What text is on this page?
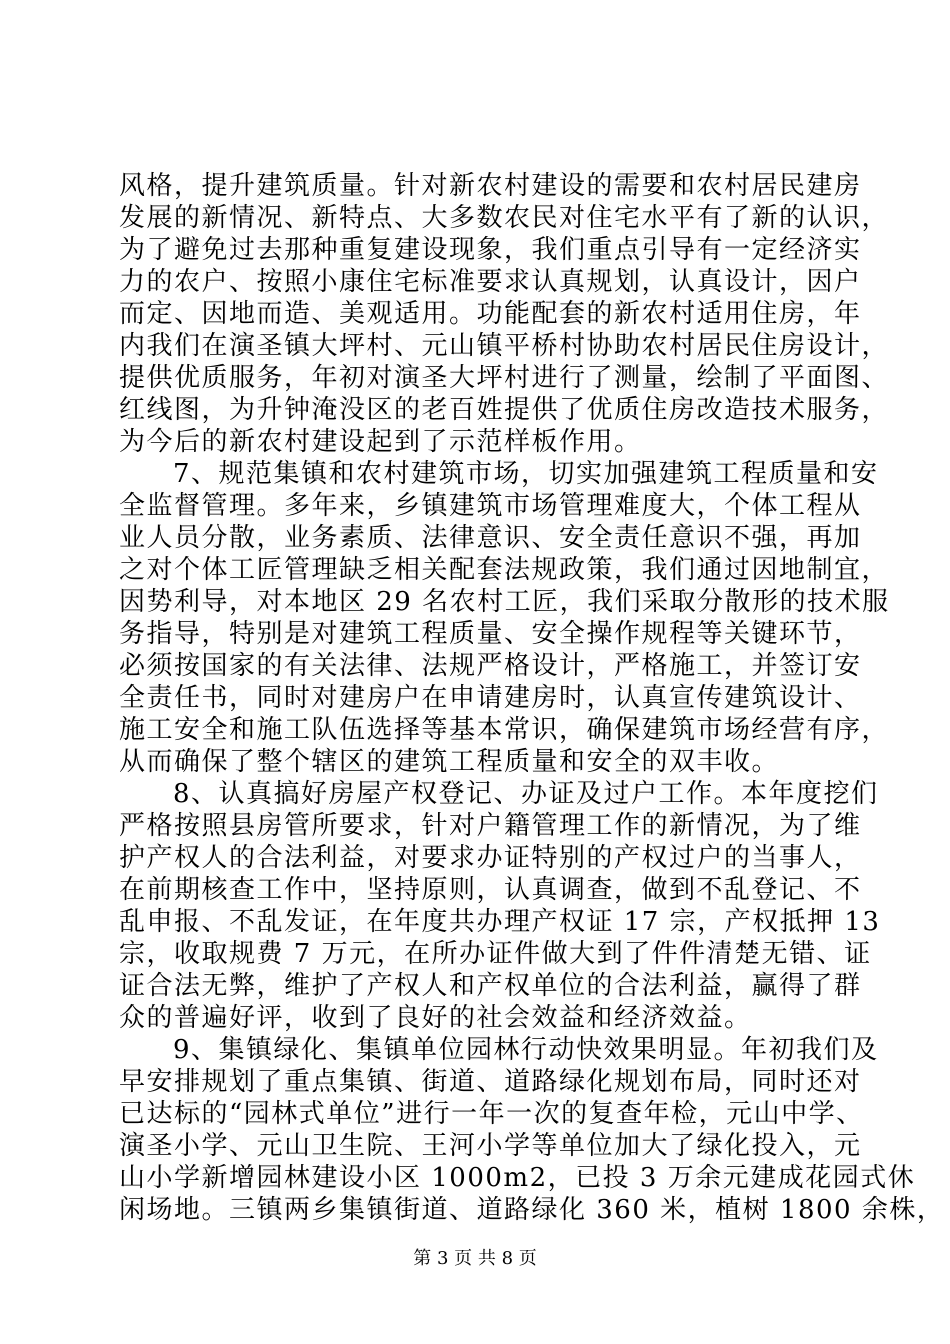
风格，提升建筑质量。针对新农村建设的需要和农村居民建房
发展的新情况、新特点、大多数农民对住宅水平有了新的认识，
为了避免过去那种重复建设现象，我们重点引导有一定经济实
力的农户、按照小康住宅标准要求认真规划，认真设计，因户
而定、因地而造、美观适用。功能配套的新农村适用住房，年
内我们在演圣镇大坪村、元山镇平桥村协助农村居民住房设计，
提供优质服务，年初对演圣大坪村进行了测量，绘制了平面图、
红线图，为升钟淹没区的老百姓提供了优质住房改造技术服务，
为今后的新农村建设起到了示范样板作用。
7、规范集镇和农村建筑市场，切实加强建筑工程质量和安
全监督管理。多年来，乡镇建筑市场管理难度大，个体工程从
业人员分散，业务素质、法律意识、安全责任意识不强，再加
之对个体工匠管理缺乏相关配套法规政策，我们通过因地制宜，
因势利导，对本地区 29 名农村工匠，我们采取分散形的技术服
务指导，特别是对建筑工程质量、安全操作规程等关键环节，
必须按国家的有关法律、法规严格设计，严格施工，并签订安
全责任书，同时对建房户在申请建房时，认真宣传建筑设计、
施工安全和施工队伍选择等基本常识，确保建筑市场经营有序，
从而确保了整个辖区的建筑工程质量和安全的双丰收。
8、认真搞好房屋产权登记、办证及过户工作。本年度挖们
严格按照县房管所要求，针对户籍管理工作的新情况，为了维
护产权人的合法利益，对要求办证特别的产权过户的当事人，
在前期核查工作中，坚持原则，认真调查，做到不乱登记、不
乱申报、不乱发证，在年度共办理产权证 17 宗，产权抵押 13
宗，收取规费 7 万元，在所办证件做大到了件件清楚无错、证
证合法无弊，维护了产权人和产权单位的合法利益，赢得了群
众的普遍好评，收到了良好的社会效益和经济效益。
9、集镇绿化、集镇单位园林行动快效果明显。年初我们及
早安排规划了重点集镇、街道、道路绿化规划布局，同时还对
已达标的“园林式单位”进行一年一次的复查年检，元山中学、
演圣小学、元山卫生院、王河小学等单位加大了绿化投入，元
山小学新增园林建设小区 1000m2，已投 3 万余元建成花园式休
闲场地。三镇两乡集镇街道、道路绿化 360 米，植树 1800 余株，
第 3 页 共 8 页
